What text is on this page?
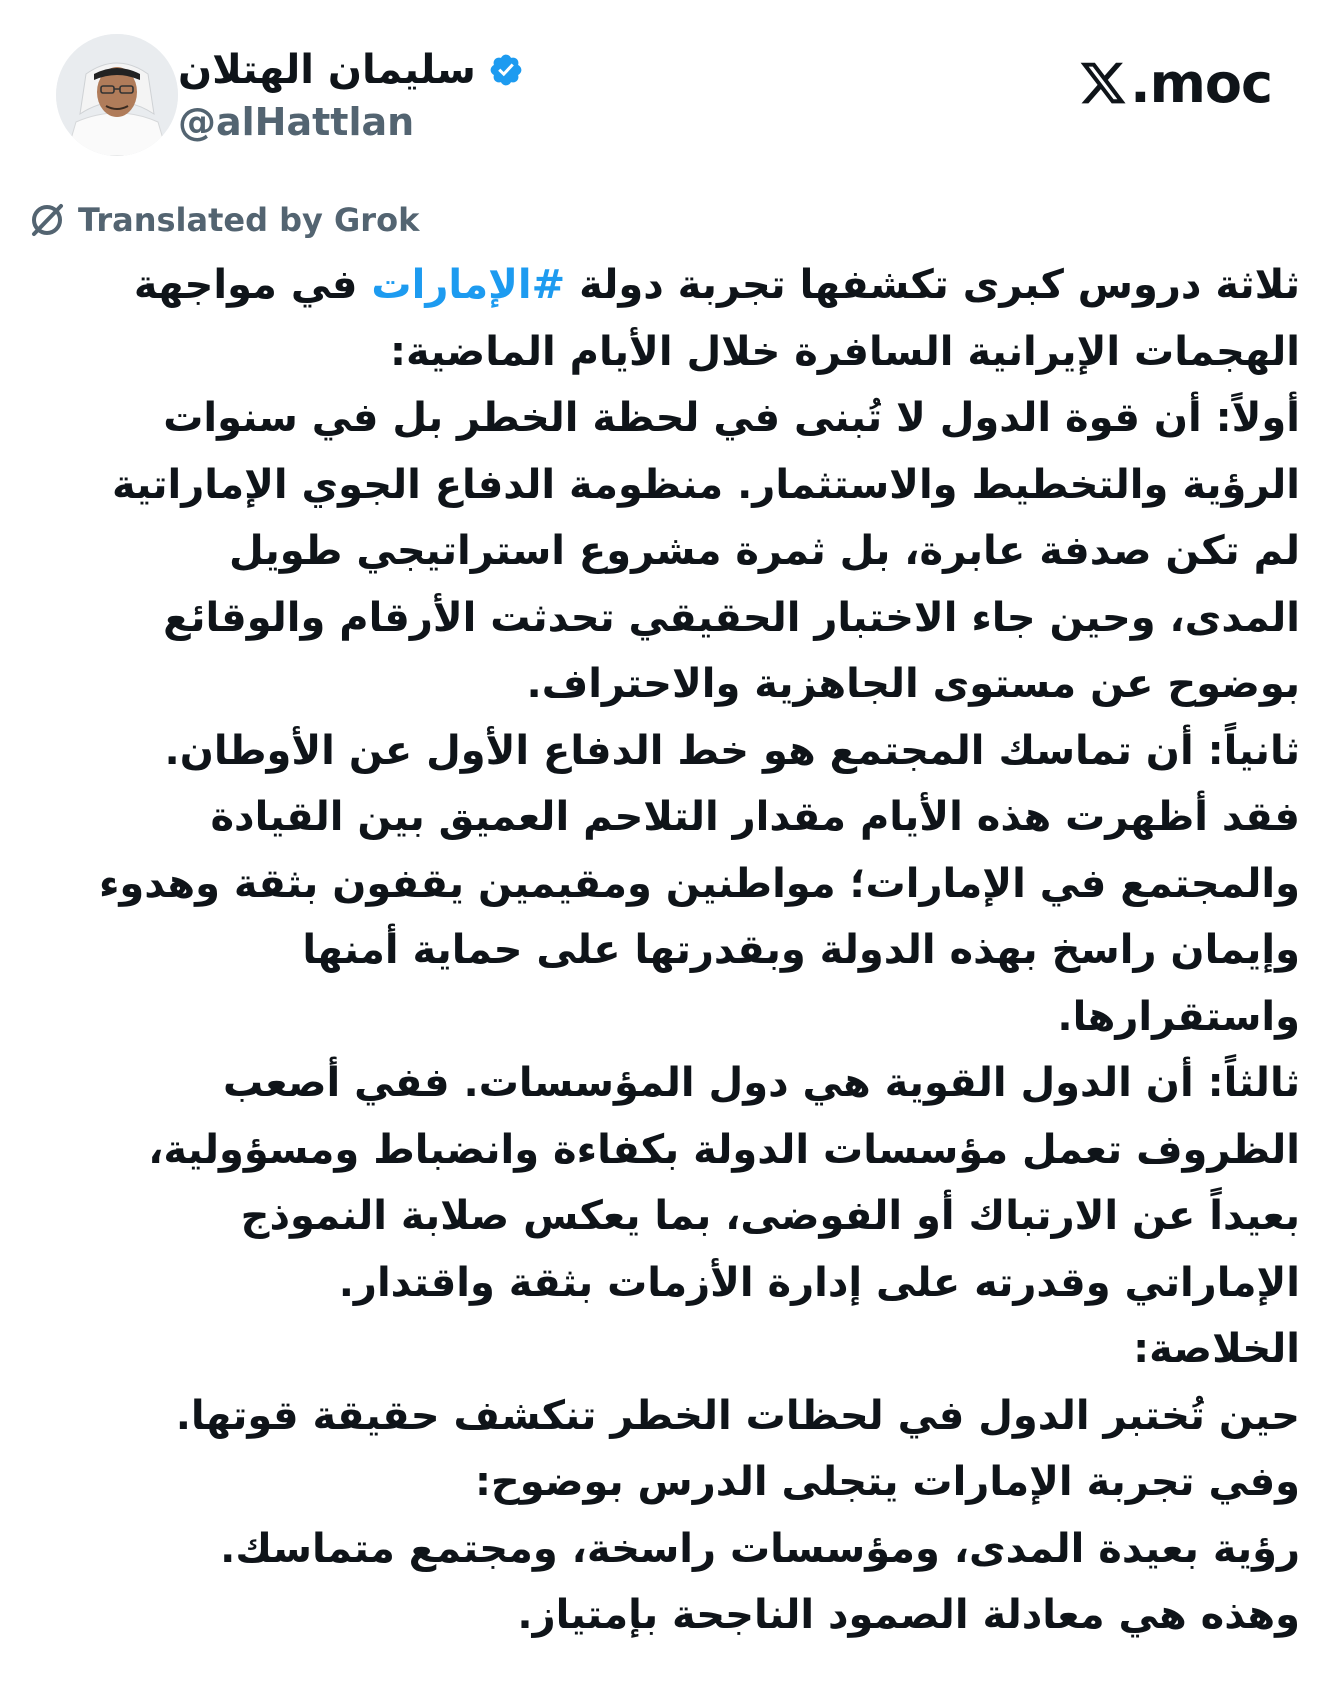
سليمان الهتلان
@alHattlan
com.
Translated by Grok
ثلاثة دروس كبرى تكشفها تجربة دولة #الإمارات في مواجهة
الهجمات الإيرانية السافرة خلال الأيام الماضية:
أولاً: أن قوة الدول لا تُبنى في لحظة الخطر بل في سنوات
الرؤية والتخطيط والاستثمار. منظومة الدفاع الجوي الإماراتية
لم تكن صدفة عابرة، بل ثمرة مشروع استراتيجي طويل
المدى، وحين جاء الاختبار الحقيقي تحدثت الأرقام والوقائع
بوضوح عن مستوى الجاهزية والاحتراف.
ثانياً: أن تماسك المجتمع هو خط الدفاع الأول عن الأوطان.
فقد أظهرت هذه الأيام مقدار التلاحم العميق بين القيادة
والمجتمع في الإمارات؛ مواطنين ومقيمين يقفون بثقة وهدوء
وإيمان راسخ بهذه الدولة وبقدرتها على حماية أمنها
واستقرارها.
ثالثاً: أن الدول القوية هي دول المؤسسات. ففي أصعب
الظروف تعمل مؤسسات الدولة بكفاءة وانضباط ومسؤولية،
بعيداً عن الارتباك أو الفوضى، بما يعكس صلابة النموذج
الإماراتي وقدرته على إدارة الأزمات بثقة واقتدار.
الخلاصة:
حين تُختبر الدول في لحظات الخطر تنكشف حقيقة قوتها.
وفي تجربة الإمارات يتجلى الدرس بوضوح:
رؤية بعيدة المدى، ومؤسسات راسخة، ومجتمع متماسك.
وهذه هي معادلة الصمود الناجحة بإمتياز.
